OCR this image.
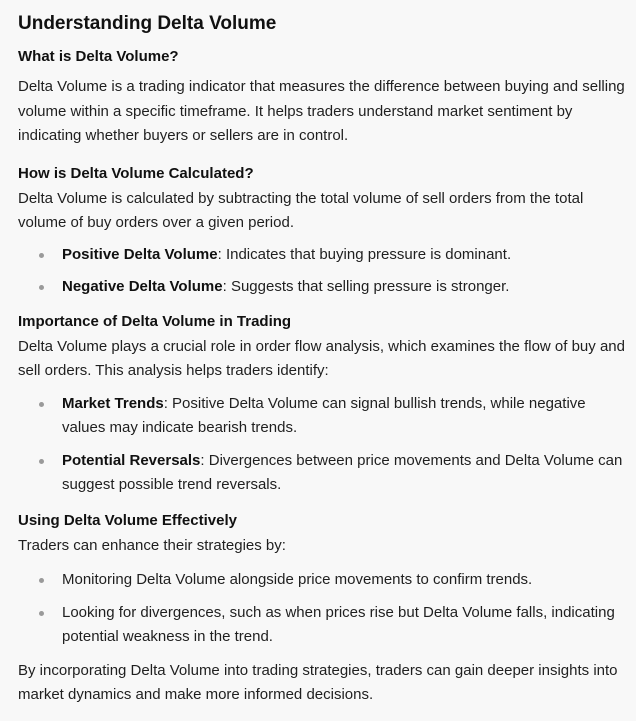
Understanding Delta Volume
What is Delta Volume?

Delta Volume is a trading indicator that measures the difference between buying and selling volume within a specific timeframe. It helps traders understand market sentiment by indicating whether buyers or sellers are in control.

How is Delta Volume Calculated?

Delta Volume is calculated by subtracting the total volume of sell orders from the total volume of buy orders over a given period.

Positive Delta Volume: Indicates that buying pressure is dominant.
Negative Delta Volume: Suggests that selling pressure is stronger.
Importance of Delta Volume in Trading

Delta Volume plays a crucial role in order flow analysis, which examines the flow of buy and sell orders. This analysis helps traders identify:

Market Trends: Positive Delta Volume can signal bullish trends, while negative values may indicate bearish trends.
Potential Reversals: Divergences between price movements and Delta Volume can suggest possible trend reversals.
Using Delta Volume Effectively

Traders can enhance their strategies by:

Monitoring Delta Volume alongside price movements to confirm trends.
Looking for divergences, such as when prices rise but Delta Volume falls, indicating potential weakness in the trend.

By incorporating Delta Volume into trading strategies, traders can gain deeper insights into market dynamics and make more informed decisions.
